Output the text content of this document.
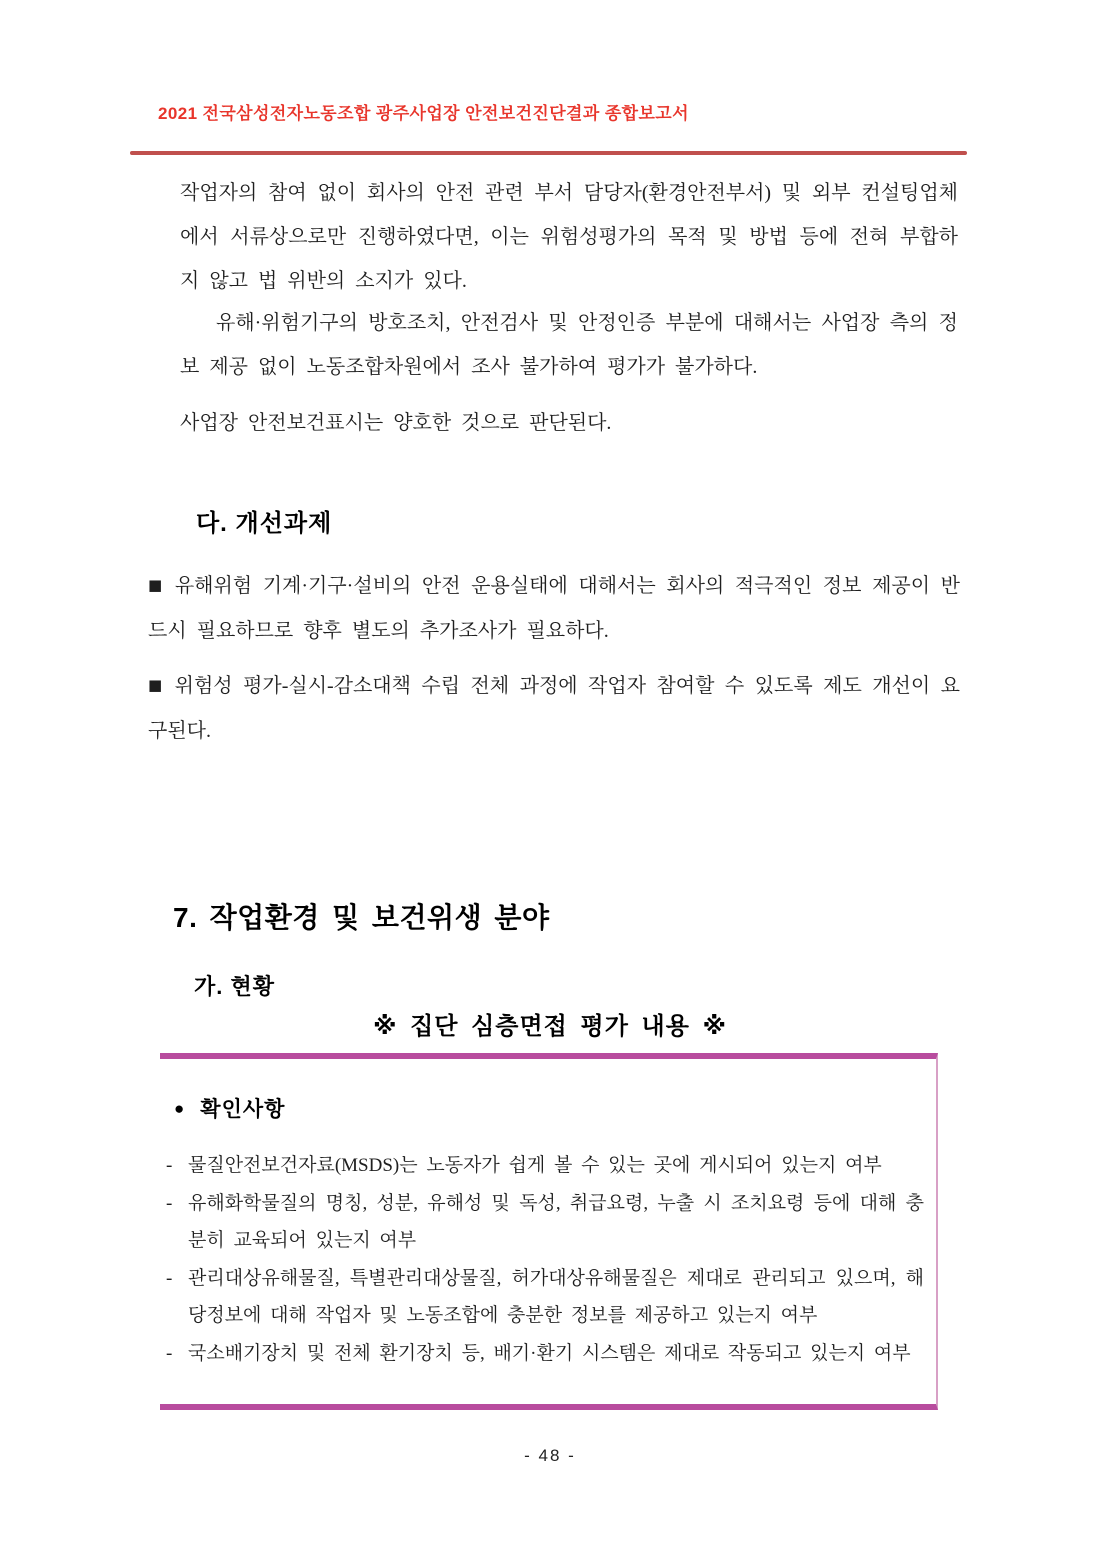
2021 전국삼성전자노동조합 광주사업장 안전보건진단결과 종합보고서
작업자의 참여 없이 회사의 안전 관련 부서 담당자(환경안전부서) 및 외부 컨설팅업체에서 서류상으로만 진행하였다면, 이는 위험성평가의 목적 및 방법 등에 전혀 부합하지 않고 법 위반의 소지가 있다.
유해·위험기구의 방호조치, 안전검사 및 안정인증 부분에 대해서는 사업장 측의 정보 제공 없이 노동조합차원에서 조사 불가하여 평가가 불가하다.
사업장 안전보건표시는 양호한 것으로 판단된다.
다. 개선과제
■ 유해위험 기계·기구·설비의 안전 운용실태에 대해서는 회사의 적극적인 정보 제공이 반드시 필요하므로 향후 별도의 추가조사가 필요하다.
■ 위험성 평가-실시-감소대책 수립 전체 과정에 작업자 참여할 수 있도록 제도 개선이 요구된다.
7. 작업환경 및 보건위생 분야
가. 현황
※ 집단 심층면접 평가 내용 ※
● 확인사항
- 물질안전보건자료(MSDS)는 노동자가 쉽게 볼 수 있는 곳에 게시되어 있는지 여부
- 유해화학물질의 명칭, 성분, 유해성 및 독성, 취급요령, 누출 시 조치요령 등에 대해 충분히 교육되어 있는지 여부
- 관리대상유해물질, 특별관리대상물질, 허가대상유해물질은 제대로 관리되고 있으며, 해당정보에 대해 작업자 및 노동조합에 충분한 정보를 제공하고 있는지 여부
- 국소배기장치 및 전체 환기장치 등, 배기·환기 시스템은 제대로 작동되고 있는지 여부
- 48 -
